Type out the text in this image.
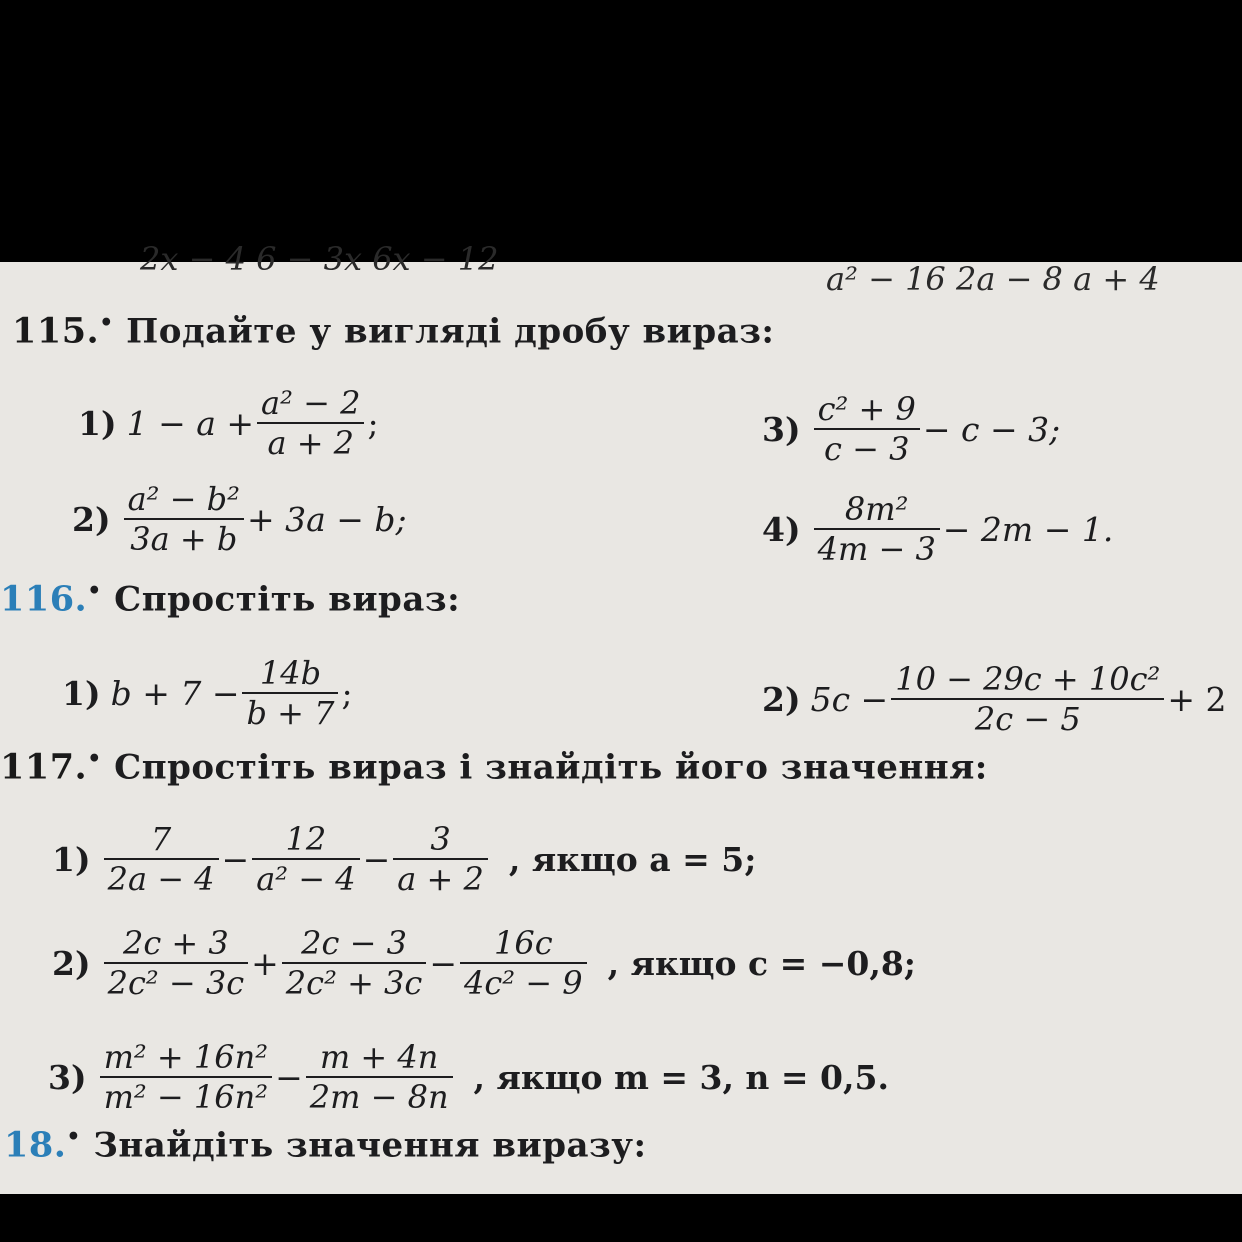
2x − 4 6 − 3x 6x − 12
a² − 16 2a − 8 a + 4
115.• Подайте у вигляді дробу вираз:
1) $1 - a + \frac{\text{a² − 2}}{a + 2}$ ;
$2) \frac{\text{a² − b²}}{3a + b} + 3a - b$;
$3) \frac{\text{c² + 9}}{c - 3} - c - 3$;
$4) \frac{\text{8m²}}{4m - 3} - 2m - 1$.
116.• Спростіть вираз:
1) $b + 7 - \frac{14b}{b + 7}$ ;	2) $5c - \frac{\text{10 − 29c + 10c²}}{2c - 5} + 2$
117.• Спростіть вираз і знайдіть його значення:
$1) \frac{7}{2a - 4} - \frac{12}{\text{a² − 4}} - \frac{3}{a + 2}$ , якщо a = 5;
$2) \frac{2c + 3}{\text{2c² − 3c}} + \frac{2c - 3}{\text{2c² + 3c}} - \frac{16c}{\text{4c² − 9}}$ , якщо c = −0,8;
$3) \frac{\text{m² + 16n²}}{\text{m² − 16n²}} - \frac{m + 4n}{2m - 8n}$ , якщо m = 3, n = 0,5.
18.• Знайдіть значення виразу:
